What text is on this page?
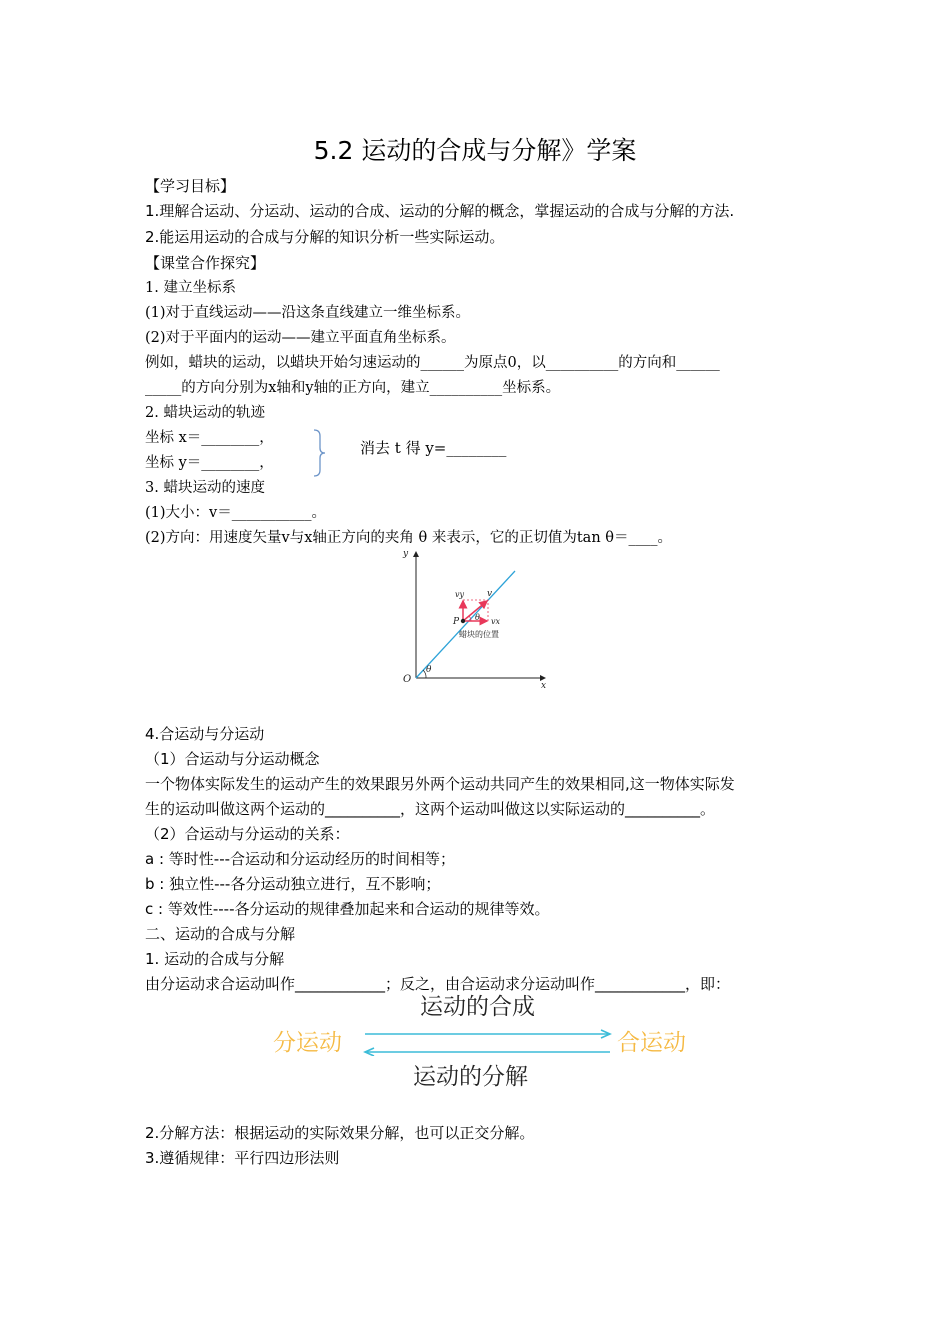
5.2 运动的合成与分解》学案
【学习目标】
1.理解合运动、分运动、运动的合成、运动的分解的概念，掌握运动的合成与分解的方法.
2.能运用运动的合成与分解的知识分析一些实际运动。
【课堂合作探究】
1. 建立坐标系
(1)对于直线运动——沿这条直线建立一维坐标系。
(2)对于平面内的运动——建立平面直角坐标系。
例如，蜡块的运动，以蜡块开始匀速运动的______为原点0，以__________的方向和______
_____的方向分别为x轴和y轴的正方向，建立__________坐标系。
2. 蜡块运动的轨迹
坐标 x＝________，
坐标 y＝________，
消去 t 得 y=________
3. 蜡块运动的速度
(1)大小：v＝___________。
(2)方向：用速度矢量v与x轴正方向的夹角 θ 来表示，它的正切值为tan θ＝____。
y
x
O
θ
P
vy	v
vx
θ
蜡块的位置
4.合运动与分运动
（1）合运动与分运动概念
一个物体实际发生的运动产生的效果跟另外两个运动共同产生的效果相同,这一物体实际发
生的运动叫做这两个运动的__________，这两个运动叫做这以实际运动的__________。
（2）合运动与分运动的关系：
a : 等时性---合运动和分运动经历的时间相等；
b : 独立性---各分运动独立进行，互不影响；
c : 等效性----各分运动的规律叠加起来和合运动的规律等效。
二、运动的合成与分解
1. 运动的合成与分解
由分运动求合运动叫作____________；反之，由合运动求分运动叫作____________，即：
运动的合成
分运动	合运动
运动的分解
2.分解方法：根据运动的实际效果分解，也可以正交分解。
3.遵循规律：平行四边形法则
